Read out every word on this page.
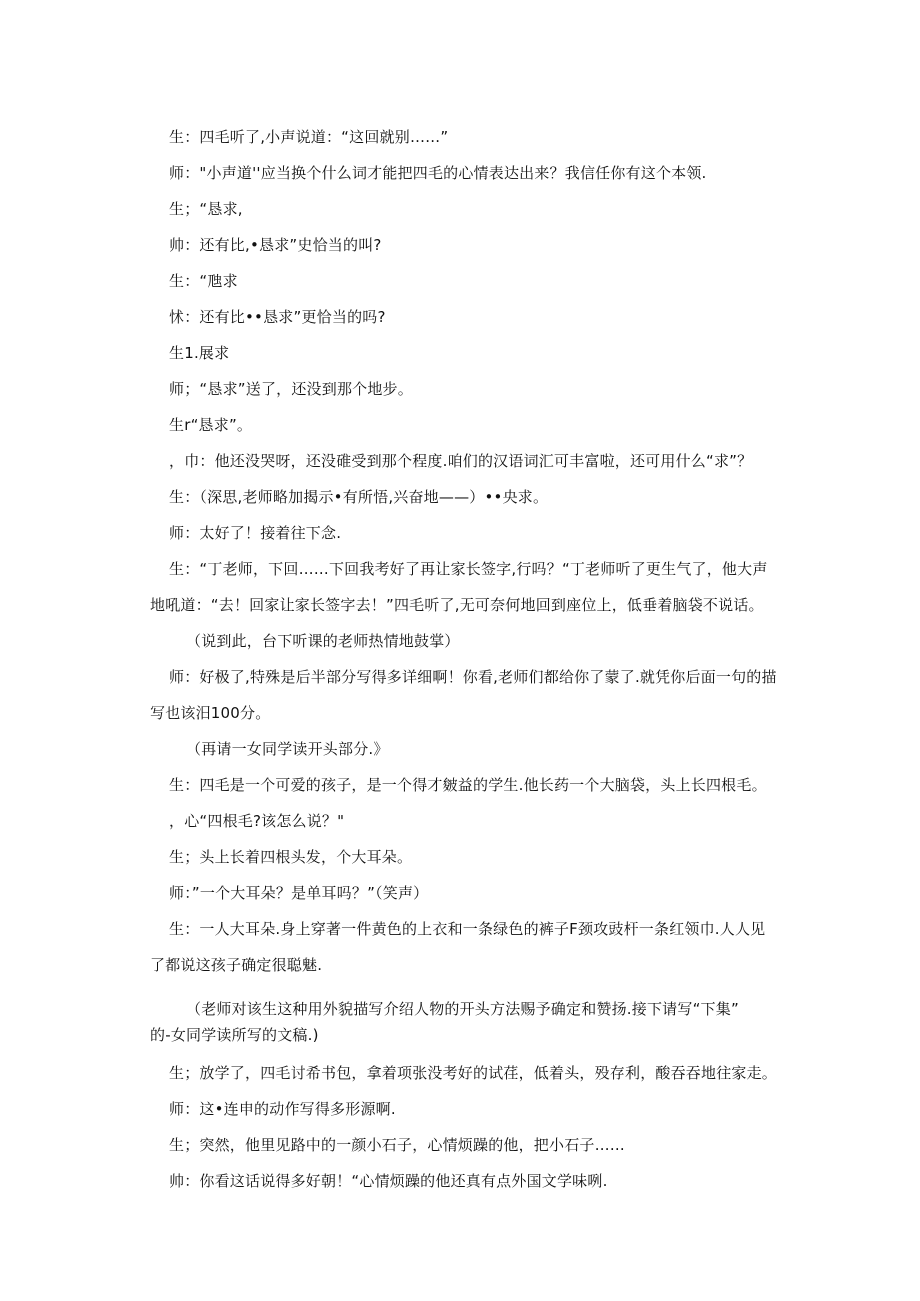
生：四毛听了,小声说道：“这回就别……”
师："小声道''应当换个什么词才能把四毛的心情表达出来？我信任你有这个本领.
生；“恳求,
帅：还有比,•恳求”史恰当的叫?
生：“虺求
怵：还有比••恳求”更恰当的吗?
生1.展求
师；“恳求”送了，还没到那个地步。
生r“恳求”。
，巾：他还没哭呀，还没碓受到那个程度.咱们的汉语词汇可丰富啦，还可用什么“求”？
生：（深思,老师略加揭示•有所悟,兴奋地——）••央求。
师：太好了！接着往下念.
生：“丁老师，下回……下回我考好了再让家长签字,行吗？“丁老师听了更生气了，他大声
地吼道：“去！回家让家长签字去！”四毛听了,无可奈何地回到座位上，低垂着脑袋不说话。
（说到此，台下听课的老师热情地鼓掌）
师：好极了,特殊是后半部分写得多详细啊！你看,老师们都给你了蒙了.就凭你后面一句的描
写也该汨100分。
（再请一女同学读开头部分.》
生：四毛是一个可爱的孩子，是一个得才皴益的学生.他长药一个大脑袋，头上长四根毛。
，心“四根毛?该怎么说？"
生；头上长着四根头发，个大耳朵。
师：”一个大耳朵？是单耳吗？”（笑声）
生：一人大耳朵.身上穿著一件黄色的上衣和一条绿色的裤子F颈攻豉杆一条红领巾.人人见
了都说这孩子确定很聪魅.
（老师对该生这种用外貌描写介绍人物的开头方法赐予确定和赞扬.接下请写“下集”
的-女同学读所写的文稿.)
生；放学了，四毛讨希书包，拿着项张没考好的试荏，低着头，殁存利，酸吞吞地往家走。
师：这•连申的动作写得多形源啊.
生；突然，他里见路中的一颜小石子，心情烦躁的他，把小石子……
帅：你看这话说得多好朝！“心情烦躁的他还真有点外国文学味咧.
